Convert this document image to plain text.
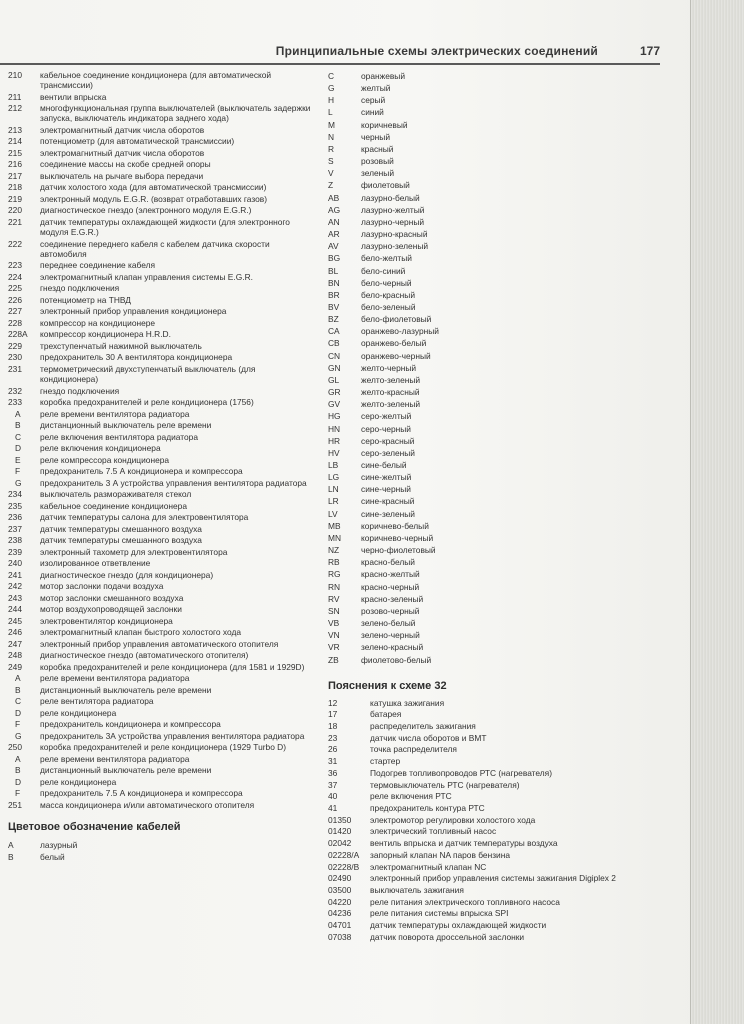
Принципиальные схемы электрических соединений	177
210	кабельное соединение кондиционера (для автоматической трансмиссии)
211	вентили впрыска
212	многофункциональная группа выключателей (выключатель задержки запуска, выключатель индикатора заднего хода)
213	электромагнитный датчик числа оборотов
214	потенциометр (для автоматической трансмиссии)
215	электромагнитный датчик числа оборотов
216	соединение массы на скобе средней опоры
217	выключатель на рычаге выбора передачи
218	датчик холостого хода (для автоматической трансмиссии)
219	электронный модуль E.G.R. (возврат отработавших газов)
220	диагностическое гнездо (электронного модуля E.G.R.)
221	датчик температуры охлаждающей жидкости (для электронного модуля E.G.R.)
222	соединение переднего кабеля с кабелем датчика скорости автомобиля
223	переднее соединение кабеля
224	электромагнитный клапан управления системы E.G.R.
225	гнездо подключения
226	потенциометр на ТНВД
227	электронный прибор управления кондиционера
228	компрессор на кондиционере
228A	компрессор кондиционера H.R.D.
229	трехступенчатый нажимной выключатель
230	предохранитель 30 А вентилятора кондиционера
231	термометрический двухступенчатый выключатель (для кондиционера)
232	гнездо подключения
233	коробка предохранителей и реле кондиционера (1756)
A	реле времени вентилятора радиатора
B	дистанционный выключатель реле времени
C	реле включения вентилятора радиатора
D	реле включения кондиционера
E	реле компрессора кондиционера
F	предохранитель 7.5 А кондиционера и компрессора
G	предохранитель 3 А устройства управления вентилятора радиатора
234	выключатель размораживателя стекол
235	кабельное соединение кондиционера
236	датчик температуры салона для электровентилятора
237	датчик температуры смешанного воздуха
238	датчик температуры смешанного воздуха
239	электронный тахометр для электровентилятора
240	изолированное ответвление
241	диагностическое гнездо (для кондиционера)
242	мотор заслонки подачи воздуха
243	мотор заслонки смешанного воздуха
244	мотор воздухопроводящей заслонки
245	электровентилятор кондиционера
246	электромагнитный клапан быстрого холостого хода
247	электронный прибор управления автоматического отопителя
248	диагностическое гнездо (автоматического отопителя)
249	коробка предохранителей и реле кондиционера (для 1581 и 1929D)
A	реле времени вентилятора радиатора
B	дистанционный выключатель реле времени
C	реле вентилятора радиатора
D	реле кондиционера
F	предохранитель кондиционера и компрессора
G	предохранитель 3А устройства управления вентилятора радиатора
250	коробка предохранителей и реле кондиционера (1929 Turbo D)
A	реле времени вентилятора радиатора
B	дистанционный выключатель реле времени
D	реле кондиционера
F	предохранитель 7.5 А кондиционера и компрессора
251	масса кондиционера и/или автоматического отопителя
Цветовое обозначение кабелей
A	лазурный
B	белый
C	оранжевый
G	желтый
H	серый
L	синий
M	коричневый
N	черный
R	красный
S	розовый
V	зеленый
Z	фиолетовый
AB	лазурно-белый
AG	лазурно-желтый
AN	лазурно-черный
AR	лазурно-красный
AV	лазурно-зеленый
BG	бело-желтый
BL	бело-синий
BN	бело-черный
BR	бело-красный
BV	бело-зеленый
BZ	бело-фиолетовый
CA	оранжево-лазурный
CB	оранжево-белый
CN	оранжево-черный
GN	желто-черный
GL	желто-зеленый
GR	желто-красный
GV	желто-зеленый
HG	серо-желтый
HN	серо-черный
HR	серо-красный
HV	серо-зеленый
LB	сине-белый
LG	сине-желтый
LN	сине-черный
LR	сине-красный
LV	сине-зеленый
MB	коричнево-белый
MN	коричнево-черный
NZ	черно-фиолетовый
RB	красно-белый
RG	красно-желтый
RN	красно-черный
RV	красно-зеленый
SN	розово-черный
VB	зелено-белый
VN	зелено-черный
VR	зелено-красный
ZB	фиолетово-белый
Пояснения к схеме 32
12	катушка зажигания
17	батарея
18	распределитель зажигания
23	датчик числа оборотов и ВМТ
26	точка распределителя
31	стартер
36	Подогрев топливопроводов РТС (нагревателя)
37	термовыключатель РТС (нагревателя)
40	реле включения РТС
41	предохранитель контура РТС
01350	электромотор регулировки холостого хода
01420	электрический топливный насос
02042	вентиль впрыска и датчик температуры воздуха
02228/A	запорный клапан NA паров бензина
02228/B	электромагнитный клапан NC
02490	электронный прибор управления системы зажигания Digiplex 2
03500	выключатель зажигания
04220	реле питания электрического топливного насоса
04236	реле питания системы впрыска SPI
04701	датчик температуры охлаждающей жидкости
07038	датчик поворота дроссельной заслонки
